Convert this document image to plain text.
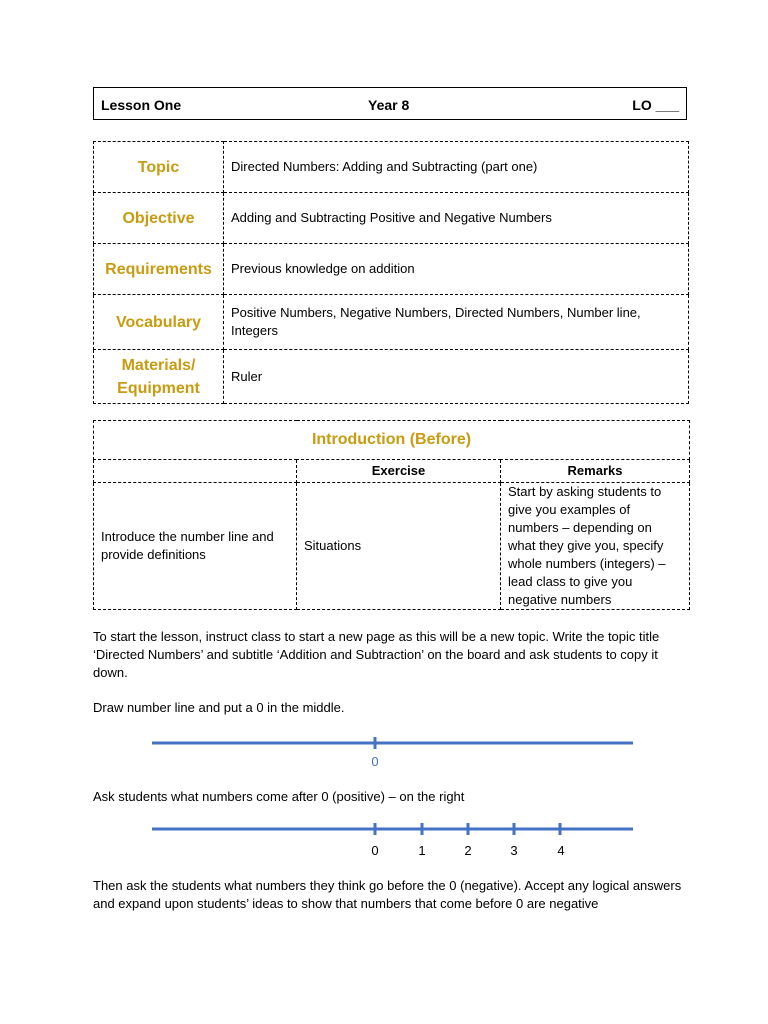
Lesson One	Year 8	LO ___
Topic	Directed Numbers: Adding and Subtracting (part one)
Objective	Adding and Subtracting Positive and Negative Numbers
Requirements	Previous knowledge on addition
Vocabulary	Positive Numbers, Negative Numbers, Directed Numbers, Number line, Integers
Materials/ Equipment	Ruler
Introduction (Before)		
	Exercise	Remarks
Introduce the number line and provide definitions	Situations	Start by asking students to give you examples of numbers – depending on what they give you, specify whole numbers (integers) – lead class to give you negative numbers
To start the lesson, instruct class to start a new page as this will be a new topic. Write the topic title ‘Directed Numbers’ and subtitle ‘Addition and Subtraction’ on the board and ask students to copy it down.
Draw number line and put a 0 in the middle.
0
Ask students what numbers come after 0 (positive) – on the right
0	1	2	3	4
Then ask the students what numbers they think go before the 0 (negative). Accept any logical answers and expand upon students’ ideas to show that numbers that come before 0 are negative
